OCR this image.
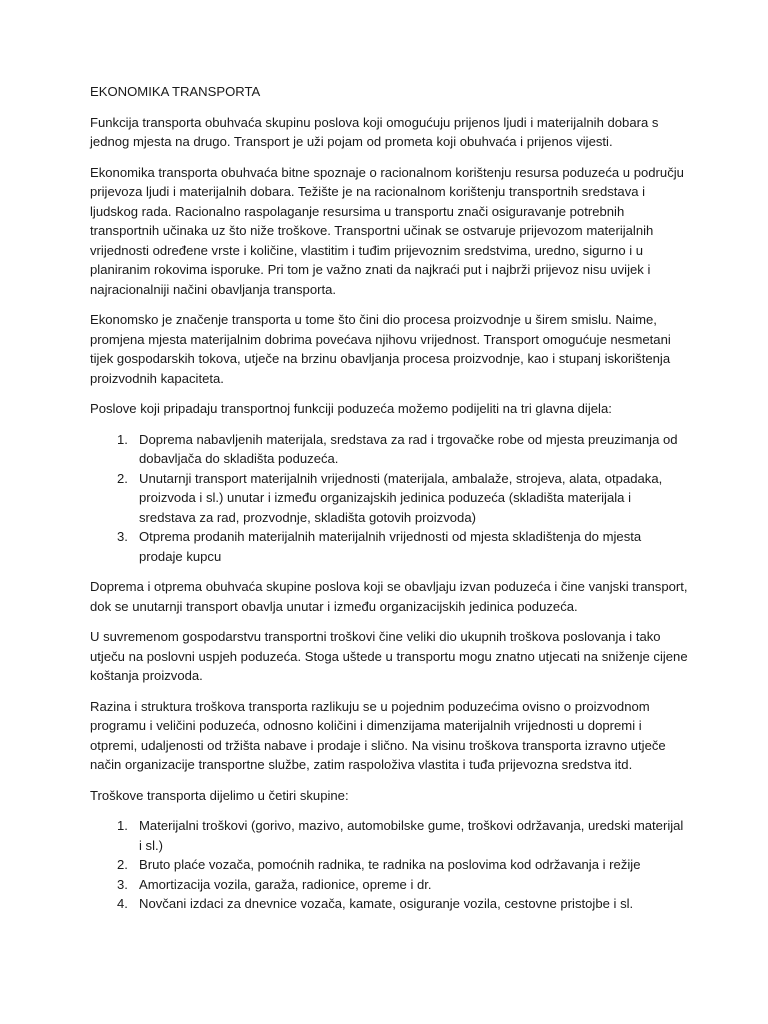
EKONOMIKA TRANSPORTA

Funkcija transporta obuhvaća skupinu poslova koji omogućuju prijenos ljudi i materijalnih dobara s jednog mjesta na drugo. Transport je uži pojam od prometa koji obuhvaća i prijenos vijesti.

Ekonomika transporta obuhvaća bitne spoznaje o racionalnom korištenju resursa poduzeća u području prijevoza ljudi i materijalnih dobara. Težište je na racionalnom korištenju transportnih sredstava i ljudskog rada. Racionalno raspolaganje resursima u transportu znači osiguravanje potrebnih transportnih učinaka uz što niže troškove. Transportni učinak se ostvaruje prijevozom materijalnih vrijednosti određene vrste i količine, vlastitim i tuđim prijevoznim sredstvima, uredno, sigurno i u planiranim rokovima isporuke. Pri tom je važno znati da najkraći put i najbrži prijevoz nisu uvijek i najracionalniji načini obavljanja transporta.

Ekonomsko je značenje transporta u tome što čini dio procesa proizvodnje u širem smislu. Naime, promjena mjesta materijalnim dobrima povećava njihovu vrijednost. Transport omogućuje nesmetani tijek gospodarskih tokova, utječe na brzinu obavljanja procesa proizvodnje, kao i stupanj iskorištenja proizvodnih kapaciteta.

Poslove koji pripadaju transportnoj funkciji poduzeća možemo podijeliti na tri glavna dijela:

1. Doprema nabavljenih materijala, sredstava za rad i trgovačke robe od mjesta preuzimanja od dobavljača do skladišta poduzeća.
2. Unutarnji transport materijalnih vrijednosti (materijala, ambalaže, strojeva, alata, otpadaka, proizvoda i sl.) unutar i između organizajskih jedinica poduzeća (skladišta materijala i sredstava za rad, prozvodnje, skladišta gotovih proizvoda)
3. Otprema prodanih materijalnih materijalnih vrijednosti od mjesta skladištenja do mjesta prodaje kupcu

Doprema i otprema obuhvaća skupine poslova koji se obavljaju izvan poduzeća i čine vanjski transport, dok se unutarnji transport obavlja unutar i između organizacijskih jedinica poduzeća.

U suvremenom gospodarstvu transportni troškovi čine veliki dio ukupnih troškova poslovanja i tako utječu na poslovni uspjeh poduzeća. Stoga uštede u transportu mogu znatno utjecati na sniženje cijene koštanja proizvoda.

Razina i struktura troškova transporta razlikuju se u pojednim poduzećima ovisno o proizvodnom programu i veličini poduzeća, odnosno količini i dimenzijama materijalnih vrijednosti u dopremi i otpremi, udaljenosti od tržišta nabave i prodaje i slično. Na visinu troškova transporta izravno utječe način organizacije transportne službe, zatim raspoloživa vlastita i tuđa prijevozna sredstva itd.

Troškove transporta dijelimo u četiri skupine:

1. Materijalni troškovi (gorivo, mazivo, automobilske gume, troškovi održavanja, uredski materijal i sl.)
2. Bruto plaće vozača, pomoćnih radnika, te radnika na poslovima kod održavanja i režije
3. Amortizacija vozila, garaža, radionice, opreme i dr.
4. Novčani izdaci za dnevnice vozača, kamate, osiguranje vozila, cestovne pristojbe i sl.
